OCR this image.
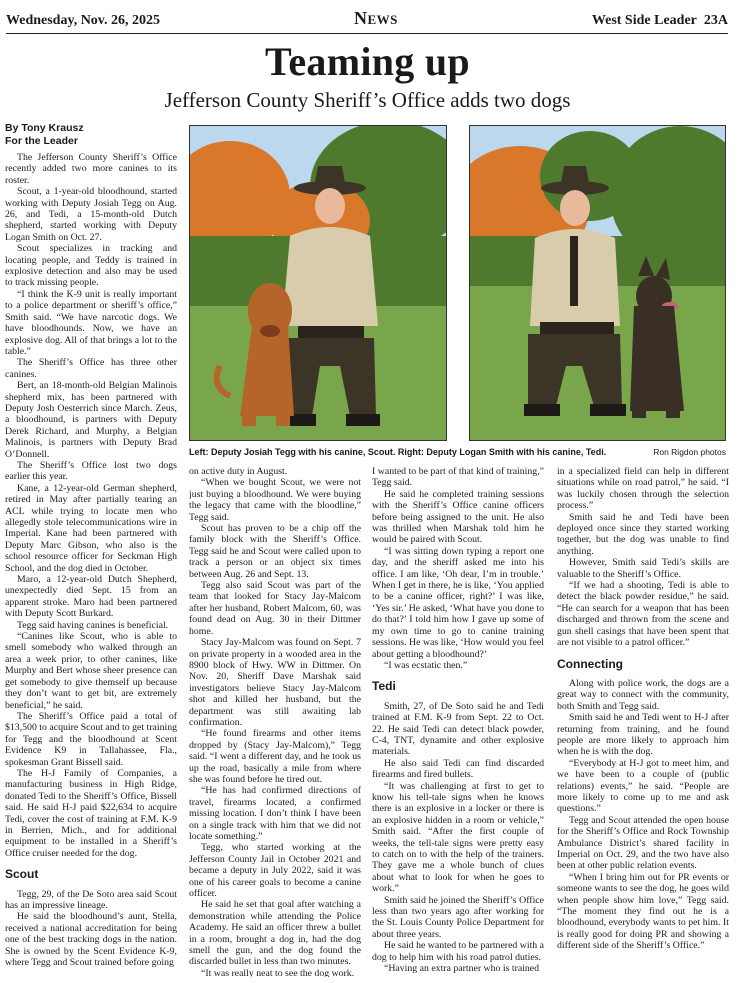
Wednesday, Nov. 26, 2025	News	West Side Leader 23A
Teaming up
Jefferson County Sheriff’s Office adds two dogs
By Tony Krausz
For the Leader
Left: Deputy Josiah Tegg with his canine, Scout. Right: Deputy Logan Smith with his canine, Tedi.	Ron Rigdon photos

The Jefferson County Sheriff’s Office recently added two more canines to its roster.

Scout, a 1-year-old bloodhound, started working with Deputy Josiah Tegg on Aug. 26, and Tedi, a 15-month-old Dutch shepherd, started working with Deputy Logan Smith on Oct. 27.

Scout specializes in tracking and locating people, and Teddy is trained in explosive detection and also may be used to track missing people.

“I think the K-9 unit is really important to a police department or sheriff’s office,” Smith said. “We have narcotic dogs. We have bloodhounds. Now, we have an explosive dog. All of that brings a lot to the table.”

The Sheriff’s Office has three other canines.

Bert, an 18-month-old Belgian Malinois shepherd mix, has been partnered with Deputy Josh Oesterrich since March. Zeus, a bloodhound, is partners with Deputy Derek Richard, and Murphy, a Belgian Malinois, is partners with Deputy Brad O’Donnell.

The Sheriff’s Office lost two dogs earlier this year.

Kane, a 12-year-old German shepherd, retired in May after partially tearing an ACL while trying to locate men who allegedly stole telecommunications wire in Imperial. Kane had been partnered with Deputy Marc Gibson, who also is the school resource officer for Seckman High School, and the dog died in October.

Maro, a 12-year-old Dutch Shepherd, unexpectedly died Sept. 15 from an apparent stroke. Maro had been partnered with Deputy Scott Burkard.

Tegg said having canines is beneficial.

“Canines like Scout, who is able to smell somebody who walked through an area a week prior, to other canines, like Murphy and Bert whose sheer presence can get somebody to give themself up because they don’t want to get bit, are extremely beneficial,” he said.

The Sheriff’s Office paid a total of $13,500 to acquire Scout and to get training for Tegg and the bloodhound at Scent Evidence K9 in Tallahassee, Fla., spokesman Grant Bissell said.

The H-J Family of Companies, a manufacturing business in High Ridge, donated Tedi to the Sheriff’s Office, Bissell said. He said H-J paid $22,634 to acquire Tedi, cover the cost of training at F.M. K-9 in Berrien, Mich., and for additional equipment to be installed in a Sheriff’s Office cruiser needed for the dog.

Scout

Tegg, 29, of the De Soto area said Scout has an impressive lineage.

He said the bloodhound’s aunt, Stella, received a national accreditation for being one of the best tracking dogs in the nation. She is owned by the Scent Evidence K-9, where Tegg and Scout trained before going

on active duty in August.

“When we bought Scout, we were not just buying a bloodhound. We were buying the legacy that came with the bloodline,” Tegg said.

Scout has proven to be a chip off the family block with the Sheriff’s Office. Tegg said he and Scout were called upon to track a person or an object six times between Aug. 26 and Sept. 13.

Tegg also said Scout was part of the team that looked for Stacy Jay-Malcom after her husband, Robert Malcom, 60, was found dead on Aug. 30 in their Dittmer home.

Stacy Jay-Malcom was found on Sept. 7 on private property in a wooded area in the 8900 block of Hwy. WW in Dittmer. On Nov. 20, Sheriff Dave Marshak said investigators believe Stacy Jay-Malcom shot and killed her husband, but the department was still awaiting lab confirmation.

“He found firearms and other items dropped by (Stacy Jay-Malcom),” Tegg said. “I went a different day, and he took us up the road, basically a mile from where she was found before he tired out.

“He has had confirmed directions of travel, firearms located, a confirmed missing location. I don’t think I have been on a single track with him that we did not locate something.”

Tegg, who started working at the Jefferson County Jail in October 2021 and became a deputy in July 2022, said it was one of his career goals to become a canine officer.

He said he set that goal after watching a demonstration while attending the Police Academy. He said an officer threw a bullet in a room, brought a dog in, had the dog smell the gun, and the dog found the discarded bullet in less than two minutes.

“It was really neat to see the dog work.

I wanted to be part of that kind of training,” Tegg said.

He said he completed training sessions with the Sheriff’s Office canine officers before being assigned to the unit. He also was thrilled when Marshak told him he would be paired with Scout.

“I was sitting down typing a report one day, and the sheriff asked me into his office. I am like, ‘Oh dear, I’m in trouble.’ When I get in there, he is like, ‘You applied to be a canine officer, right?’ I was like, ‘Yes sir.’ He asked, ‘What have you done to do that?’ I told him how I gave up some of my own time to go to canine training sessions. He was like, ‘How would you feel about getting a bloodhound?’

“I was ecstatic then.”

Tedi

Smith, 27, of De Soto said he and Tedi trained at F.M. K-9 from Sept. 22 to Oct. 22. He said Tedi can detect black powder, C-4, TNT, dynamite and other explosive materials.

He also said Tedi can find discarded firearms and fired bullets.

“It was challenging at first to get to know his tell-tale signs when he knows there is an explosive in a locker or there is an explosive hidden in a room or vehicle,” Smith said. “After the first couple of weeks, the tell-tale signs were pretty easy to catch on to with the help of the trainers. They gave me a whole bunch of clues about what to look for when he goes to work.”

Smith said he joined the Sheriff’s Office less than two years ago after working for the St. Louis County Police Department for about three years.

He said he wanted to be partnered with a dog to help him with his road patrol duties.

“Having an extra partner who is trained

in a specialized field can help in different situations while on road patrol,” he said. “I was luckily chosen through the selection process.”

Smith said he and Tedi have been deployed once since they started working together, but the dog was unable to find anything.

However, Smith said Tedi’s skills are valuable to the Sheriff’s Office.

“If we had a shooting, Tedi is able to detect the black powder residue,” he said. “He can search for a weapon that has been discharged and thrown from the scene and gun shell casings that have been spent that are not visible to a patrol officer.”

Connecting

Along with police work, the dogs are a great way to connect with the community, both Smith and Tegg said.

Smith said he and Tedi went to H-J after returning from training, and he found people are more likely to approach him when he is with the dog.

“Everybody at H-J got to meet him, and we have been to a couple of (public relations) events,” he said. “People are more likely to come up to me and ask questions.”

Tegg and Scout attended the open house for the Sheriff’s Office and Rock Township Ambulance District’s shared facility in Imperial on Oct. 29, and the two have also been at other public relation events.

“When I bring him out for PR events or someone wants to see the dog, he goes wild when people show him love,” Tegg said. “The moment they find out he is a bloodhound, everybody wants to pet him. It is really good for doing PR and showing a different side of the Sheriff’s Office.”
